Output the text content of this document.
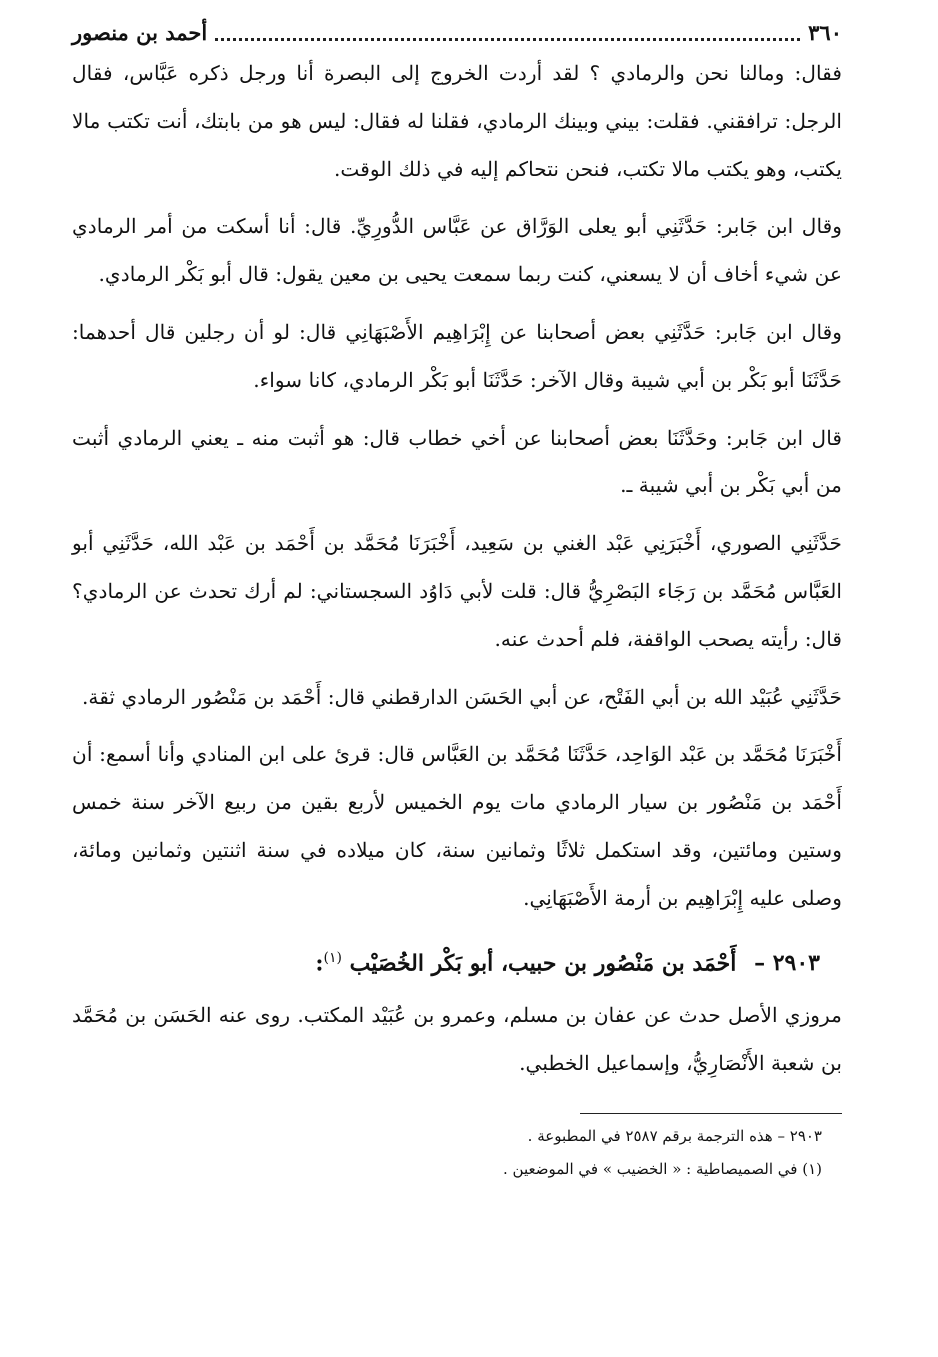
٣٦٠
أحمد بن منصور

فقال: ومالنا نحن والرمادي ؟ لقد أردت الخروج إلى البصرة أنا ورجل ذكره عَبَّاس، فقال الرجل: ترافقني. فقلت: بيني وبينك الرمادي، فقلنا له فقال: ليس هو من بابتك، أنت تكتب مالا يكتب، وهو يكتب مالا تكتب، فنحن نتحاكم إليه في ذلك الوقت.

وقال ابن جَابر: حَدَّثَنِي أبو يعلى الوَرَّاق عن عَبَّاس الدُّورِيِّ. قال: أنا أسكت من أمر الرمادي عن شيء أخاف أن لا يسعني، كنت ربما سمعت يحيى بن معين يقول: قال أبو بَكْر الرمادي.

وقال ابن جَابر: حَدَّثَنِي بعض أصحابنا عن إِبْرَاهِيم الأَصْبَهَانِي قال: لو أن رجلين قال أحدهما: حَدَّثَنَا أبو بَكْر بن أبي شيبة وقال الآخر: حَدَّثَنَا أبو بَكْر الرمادي، كانا سواء.

قال ابن جَابر: وحَدَّثَنَا بعض أصحابنا عن أخي خطاب قال: هو أثبت منه ـ يعني الرمادي أثبت من أبي بَكْر بن أبي شيبة ـ.

حَدَّثَنِي الصوري، أَخْبَرَنِي عَبْد الغني بن سَعِيد، أَخْبَرَنَا مُحَمَّد بن أَحْمَد بن عَبْد الله، حَدَّثَنِي أبو العَبَّاس مُحَمَّد بن رَجَاء البَصْرِيُّ قال: قلت لأبي دَاوُد السجستاني: لم أرك تحدث عن الرمادي؟ قال: رأيته يصحب الواقفة، فلم أحدث عنه.

حَدَّثَنِي عُبَيْد الله بن أبي الفَتْح، عن أبي الحَسَن الدارقطني قال: أَحْمَد بن مَنْصُور الرمادي ثقة.

أَخْبَرَنَا مُحَمَّد بن عَبْد الوَاحِد، حَدَّثَنَا مُحَمَّد بن العَبَّاس قال: قرئ على ابن المنادي وأنا أسمع: أن أَحْمَد بن مَنْصُور بن سيار الرمادي مات يوم الخميس لأربع بقين من ربيع الآخر سنة خمس وستين ومائتين، وقد استكمل ثلاثًا وثمانين سنة، كان ميلاده في سنة اثنتين وثمانين ومائة، وصلى عليه إِبْرَاهِيم بن أرمة الأَصْبَهَانِي.

٢٩٠٣ – أَحْمَد بن مَنْصُور بن حبيب، أبو بَكْر الخُصَيْب $^{(١)}$:

مروزي الأصل حدث عن عفان بن مسلم، وعمرو بن عُبَيْد المكتب. روى عنه الحَسَن بن مُحَمَّد بن شعبة الأَنْصَارِيُّ، وإسماعيل الخطبي.

٢٩٠٣ – هذه الترجمة برقم ٢٥٨٧ في المطبوعة .

(١) في الصميصاطية : « الخضيب » في الموضعين .
